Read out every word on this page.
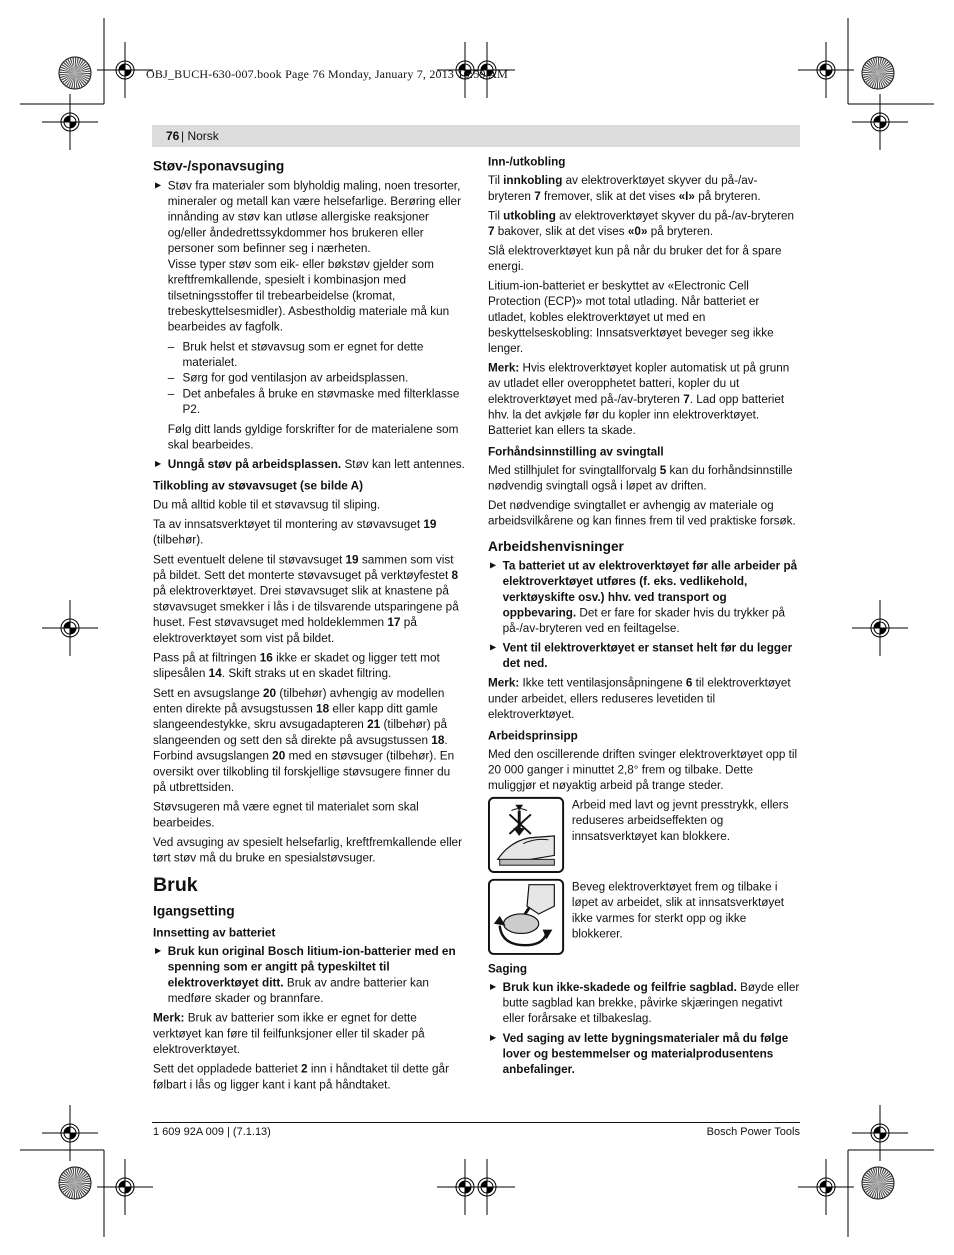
OBJ_BUCH-630-007.book Page 76 Monday, January 7, 2013 10:59 AM
76 | Norsk
Støv-/sponavsuging
▶ Støv fra materialer som blyholdig maling, noen tresorter, mineraler og metall kan være helsefarlige. Berøring eller innånding av støv kan utløse allergiske reaksjoner og/eller åndedrettssykdommer hos brukeren eller personer som befinner seg i nærheten.
Visse typer støv som eik- eller bøkstøv gjelder som kreftfremkallende, spesielt i kombinasjon med tilsetningsstoffer til trebearbeidelse (kromat, trebeskyttelsesmidler). Asbestholdig materiale må kun bearbeides av fagfolk.
– Bruk helst et støvavsug som er egnet for dette materialet.
– Sørg for god ventilasjon av arbeidsplassen.
– Det anbefales å bruke en støvmaske med filterklasse P2.

Følg ditt lands gyldige forskrifter for de materialene som skal bearbeides.

▶ Unngå støv på arbeidsplassen. Støv kan lett antennes.
Tilkobling av støvavsuget (se bilde A)

Du må alltid koble til et støvavsug til sliping.

Ta av innsatsverktøyet til montering av støvavsuget 19 (tilbehør).

Sett eventuelt delene til støvavsuget 19 sammen som vist på bildet. Sett det monterte støvavsuget på verktøyfestet 8 på elektroverktøyet. Drei støvavsuget slik at knastene på støvavsuget smekker i lås i de tilsvarende utsparingene på huset. Fest støvavsuget med holdeklemmen 17 på elektroverktøyet som vist på bildet.

Pass på at filtringen 16 ikke er skadet og ligger tett mot slipesålen 14. Skift straks ut en skadet filtring.

Sett en avsugslange 20 (tilbehør) avhengig av modellen enten direkte på avsugstussen 18 eller kapp ditt gamle slangeendestykke, skru avsugadapteren 21 (tilbehør) på slangeenden og sett den så direkte på avsugstussen 18. Forbind avsugslangen 20 med en støvsuger (tilbehør). En oversikt over tilkobling til forskjellige støvsugere finner du på utbrettsiden.

Støvsugeren må være egnet til materialet som skal bearbeides.

Ved avsuging av spesielt helsefarlig, kreftfremkallende eller tørt støv må du bruke en spesialstøvsuger.

Bruk
Igangsetting
Innsetting av batteriet
▶ Bruk kun original Bosch litium-ion-batterier med en spenning som er angitt på typeskiltet til elektroverktøyet ditt. Bruk av andre batterier kan medføre skader og brannfare.

Merk: Bruk av batterier som ikke er egnet for dette verktøyet kan føre til feilfunksjoner eller til skader på elektroverktøyet.

Sett det oppladede batteriet 2 inn i håndtaket til dette går følbart i lås og ligger kant i kant på håndtaket.

Inn-/utkobling

Til innkobling av elektroverktøyet skyver du på-/av-bryteren 7 fremover, slik at det vises «I» på bryteren.

Til utkobling av elektroverktøyet skyver du på-/av-bryteren 7 bakover, slik at det vises «0» på bryteren.

Slå elektroverktøyet kun på når du bruker det for å spare energi.

Litium-ion-batteriet er beskyttet av «Electronic Cell Protection (ECP)» mot total utlading. Når batteriet er utladet, kobles elektroverktøyet ut med en beskyttelseskobling: Innsatsverktøyet beveger seg ikke lenger.

Merk: Hvis elektroverktøyet kopler automatisk ut på grunn av utladet eller overopphetet batteri, kopler du ut elektroverktøyet med på-/av-bryteren 7. Lad opp batteriet hhv. la det avkjøle før du kopler inn elektroverktøyet. Batteriet kan ellers ta skade.

Forhåndsinnstilling av svingtall

Med stillhjulet for svingtallforvalg 5 kan du forhåndsinnstille nødvendig svingtall også i løpet av driften.

Det nødvendige svingtallet er avhengig av materiale og arbeidsvilkårene og kan finnes frem til ved praktiske forsøk.

Arbeidshenvisninger
▶ Ta batteriet ut av elektroverktøyet før alle arbeider på elektroverktøyet utføres (f. eks. vedlikehold, verktøyskifte osv.) hhv. ved transport og oppbevaring. Det er fare for skader hvis du trykker på på-/av-bryteren ved en feiltagelse.
▶ Vent til elektroverktøyet er stanset helt før du legger det ned.

Merk: Ikke tett ventilasjonsåpningene 6 til elektroverktøyet under arbeidet, ellers reduseres levetiden til elektroverktøyet.

Arbeidsprinsipp

Med den oscillerende driften svinger elektroverktøyet opp til 20 000 ganger i minuttet 2,8° frem og tilbake. Dette muliggjør et nøyaktig arbeid på trange steder.

Arbeid med lavt og jevnt presstrykk, ellers reduseres arbeidseffekten og innsatsverktøyet kan blokkere.
Beveg elektroverktøyet frem og tilbake i løpet av arbeidet, slik at innsatsverktøyet ikke varmes for sterkt opp og ikke blokkerer.
Saging
▶ Bruk kun ikke-skadede og feilfrie sagblad. Bøyde eller butte sagblad kan brekke, påvirke skjæringen negativt eller forårsake et tilbakeslag.
▶ Ved saging av lette bygningsmaterialer må du følge lover og bestemmelser og materialprodusentens anbefalinger.
1 609 92A 009 | (7.1.13)	Bosch Power Tools
